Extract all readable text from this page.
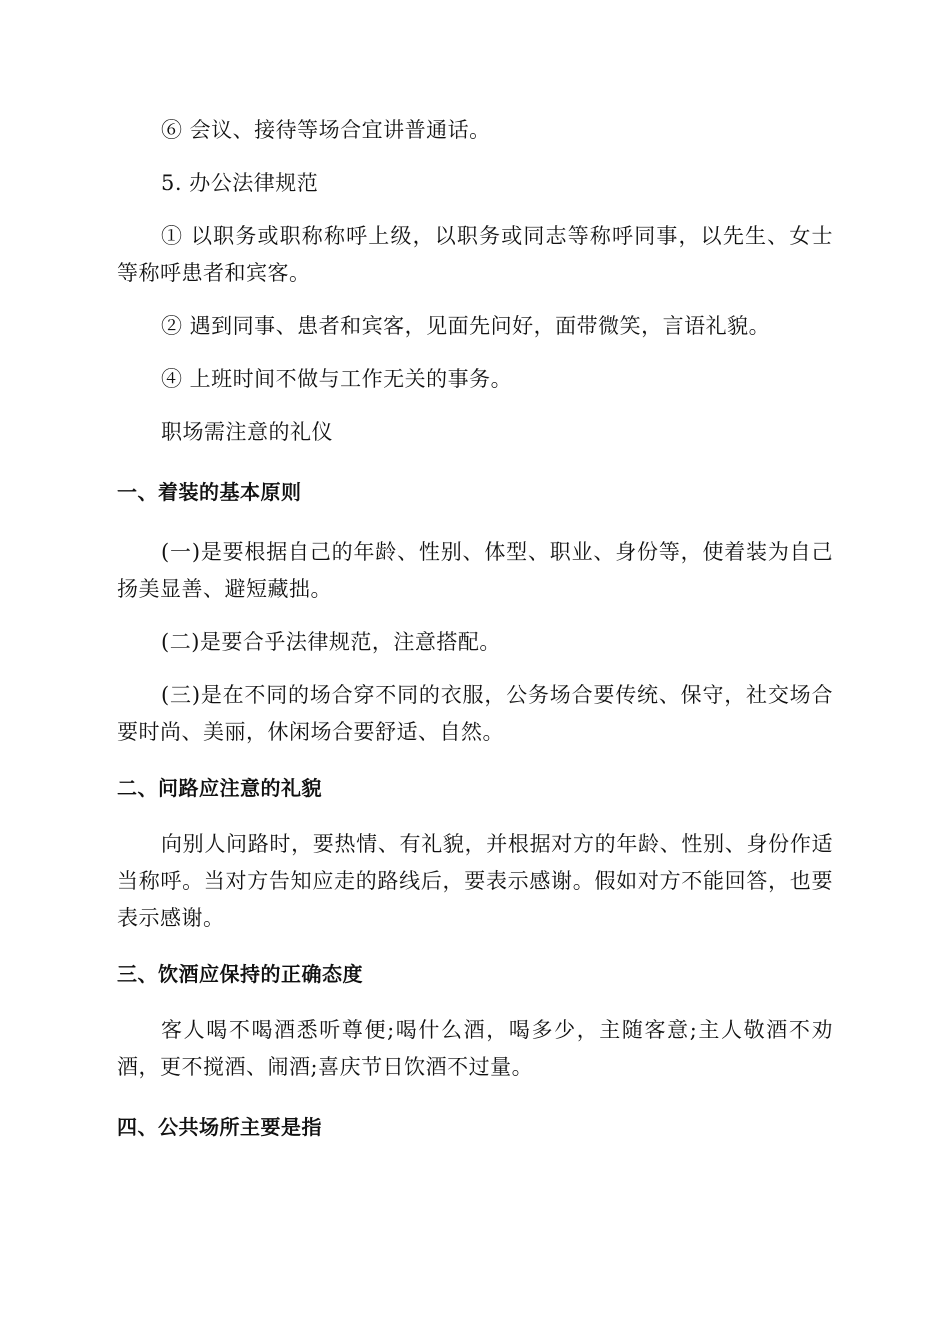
⑥ 会议、接待等场合宜讲普通话。

5. 办公法律规范

① 以职务或职称称呼上级，以职务或同志等称呼同事，以先生、女士等称呼患者和宾客。

② 遇到同事、患者和宾客，见面先问好，面带微笑，言语礼貌。

④ 上班时间不做与工作无关的事务。

职场需注意的礼仪

一、着装的基本原则

(一)是要根据自己的年龄、性别、体型、职业、身份等，使着装为自己扬美显善、避短藏拙。

(二)是要合乎法律规范，注意搭配。

(三)是在不同的场合穿不同的衣服，公务场合要传统、保守，社交场合要时尚、美丽，休闲场合要舒适、自然。

二、问路应注意的礼貌

向别人问路时，要热情、有礼貌，并根据对方的年龄、性别、身份作适当称呼。当对方告知应走的路线后，要表示感谢。假如对方不能回答，也要表示感谢。

三、饮酒应保持的正确态度

客人喝不喝酒悉听尊便;喝什么酒，喝多少，主随客意;主人敬酒不劝酒，更不搅酒、闹酒;喜庆节日饮酒不过量。

四、公共场所主要是指
